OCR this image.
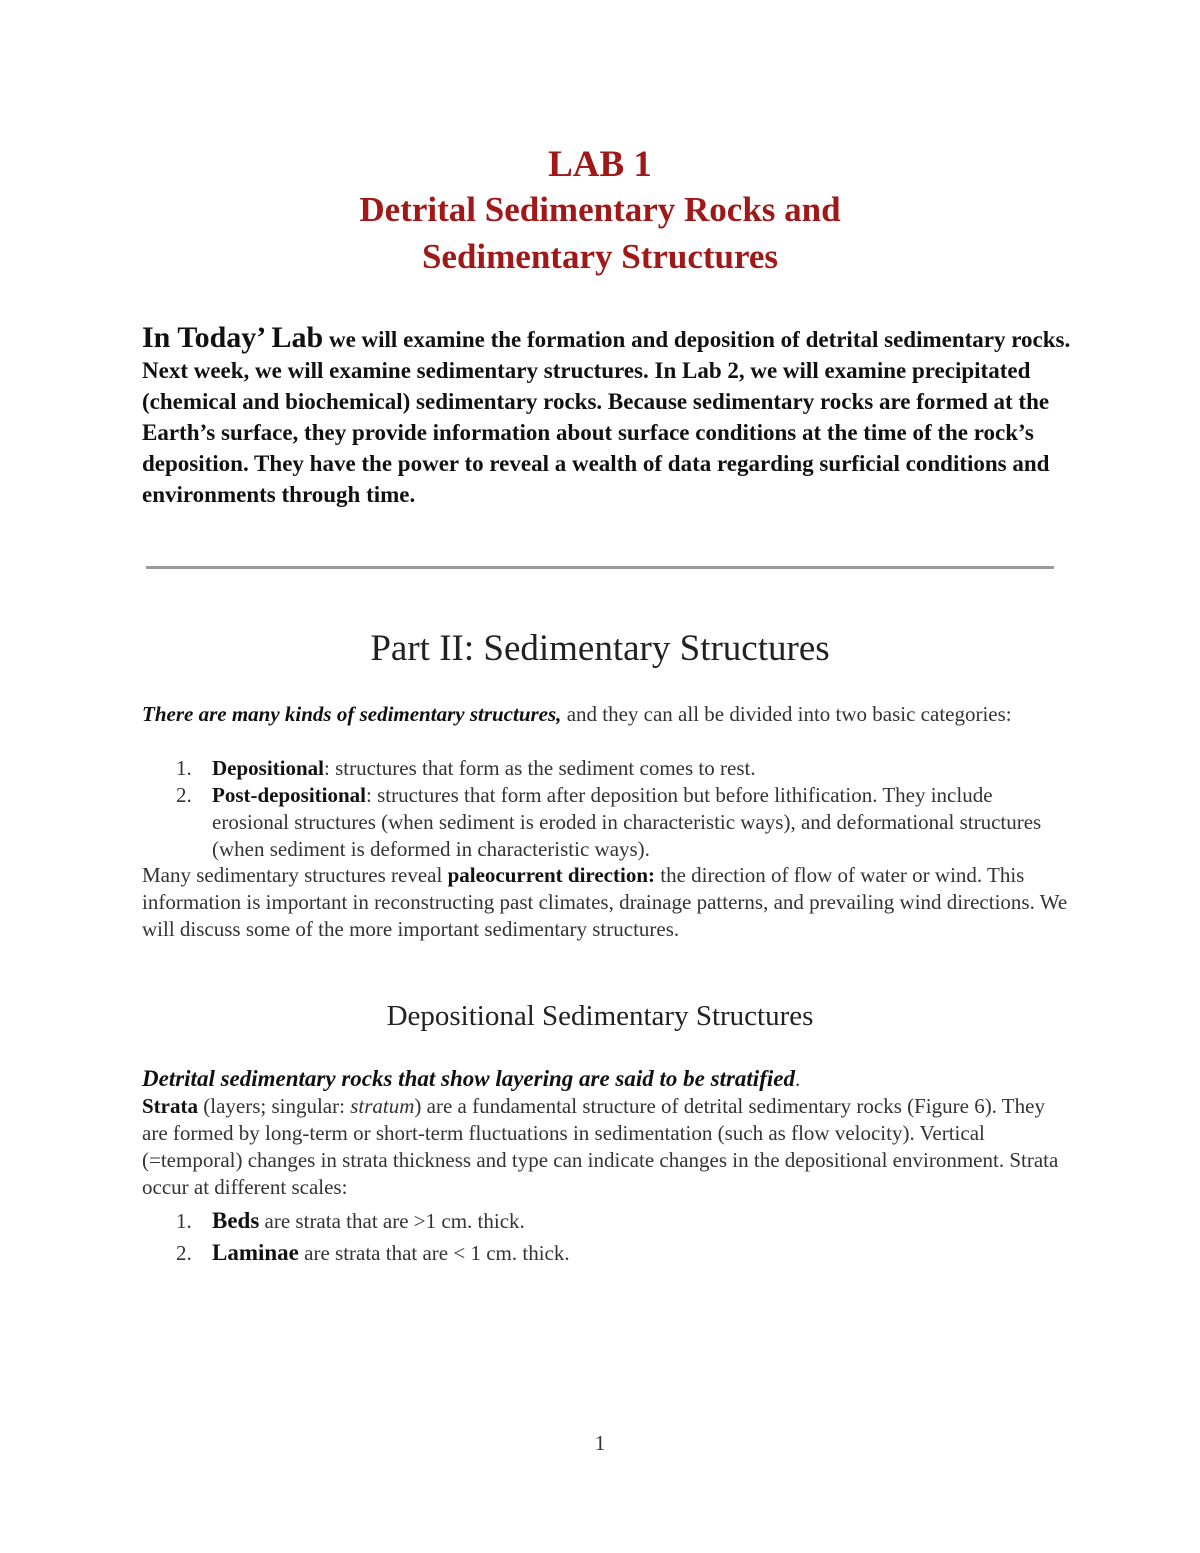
LAB 1
Detrital Sedimentary Rocks and
Sedimentary Structures

In Today’ Lab we will examine the formation and deposition of detrital sedimentary rocks. Next week, we will examine sedimentary structures. In Lab 2, we will examine precipitated (chemical and biochemical) sedimentary rocks. Because sedimentary rocks are formed at the Earth’s surface, they provide information about surface conditions at the time of the rock’s deposition. They have the power to reveal a wealth of data regarding surficial conditions and environments through time.

Part II: Sedimentary Structures

There are many kinds of sedimentary structures, and they can all be divided into two basic categories:

1. Depositional: structures that form as the sediment comes to rest.
2. Post-depositional: structures that form after deposition but before lithification. They include erosional structures (when sediment is eroded in characteristic ways), and deformational structures (when sediment is deformed in characteristic ways).

Many sedimentary structures reveal paleocurrent direction: the direction of flow of water or wind. This information is important in reconstructing past climates, drainage patterns, and prevailing wind directions. We will discuss some of the more important sedimentary structures.

Depositional Sedimentary Structures

Detrital sedimentary rocks that show layering are said to be stratified.
Strata (layers; singular: stratum) are a fundamental structure of detrital sedimentary rocks (Figure 6). They are formed by long-term or short-term fluctuations in sedimentation (such as flow velocity). Vertical (=temporal) changes in strata thickness and type can indicate changes in the depositional environment. Strata occur at different scales:

1. Beds are strata that are >1 cm. thick.
2. Laminae are strata that are < 1 cm. thick.
1
